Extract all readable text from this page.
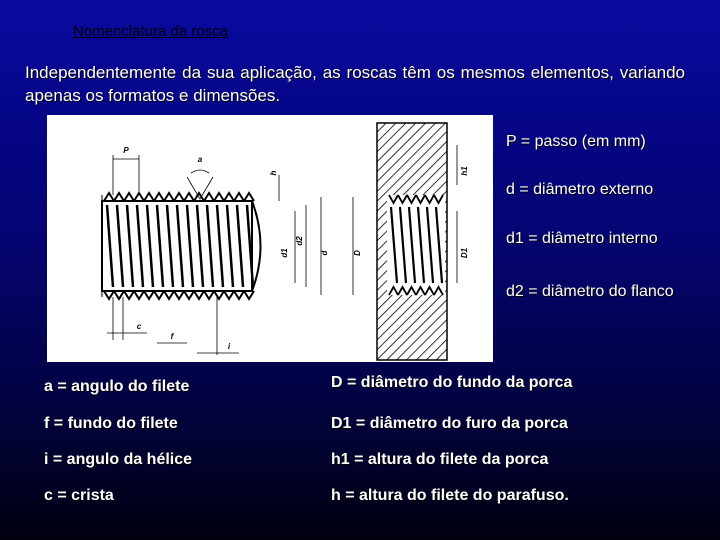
Nomenclatura da rosca
Independentemente da sua aplicação, as roscas têm os mesmos elementos, variando apenas os formatos e dimensões.
P
a
h
d1
d2
d	D	D1
h1
c
f
i
P = passo (em mm)
d = diâmetro externo
d1 = diâmetro interno
d2 = diâmetro do flanco
a = angulo do filete
f = fundo do filete
i = angulo da hélice
c = crista
D = diâmetro do fundo da porca
D1 = diâmetro do furo da porca
h1 = altura do filete da porca
h = altura do filete do parafuso.
